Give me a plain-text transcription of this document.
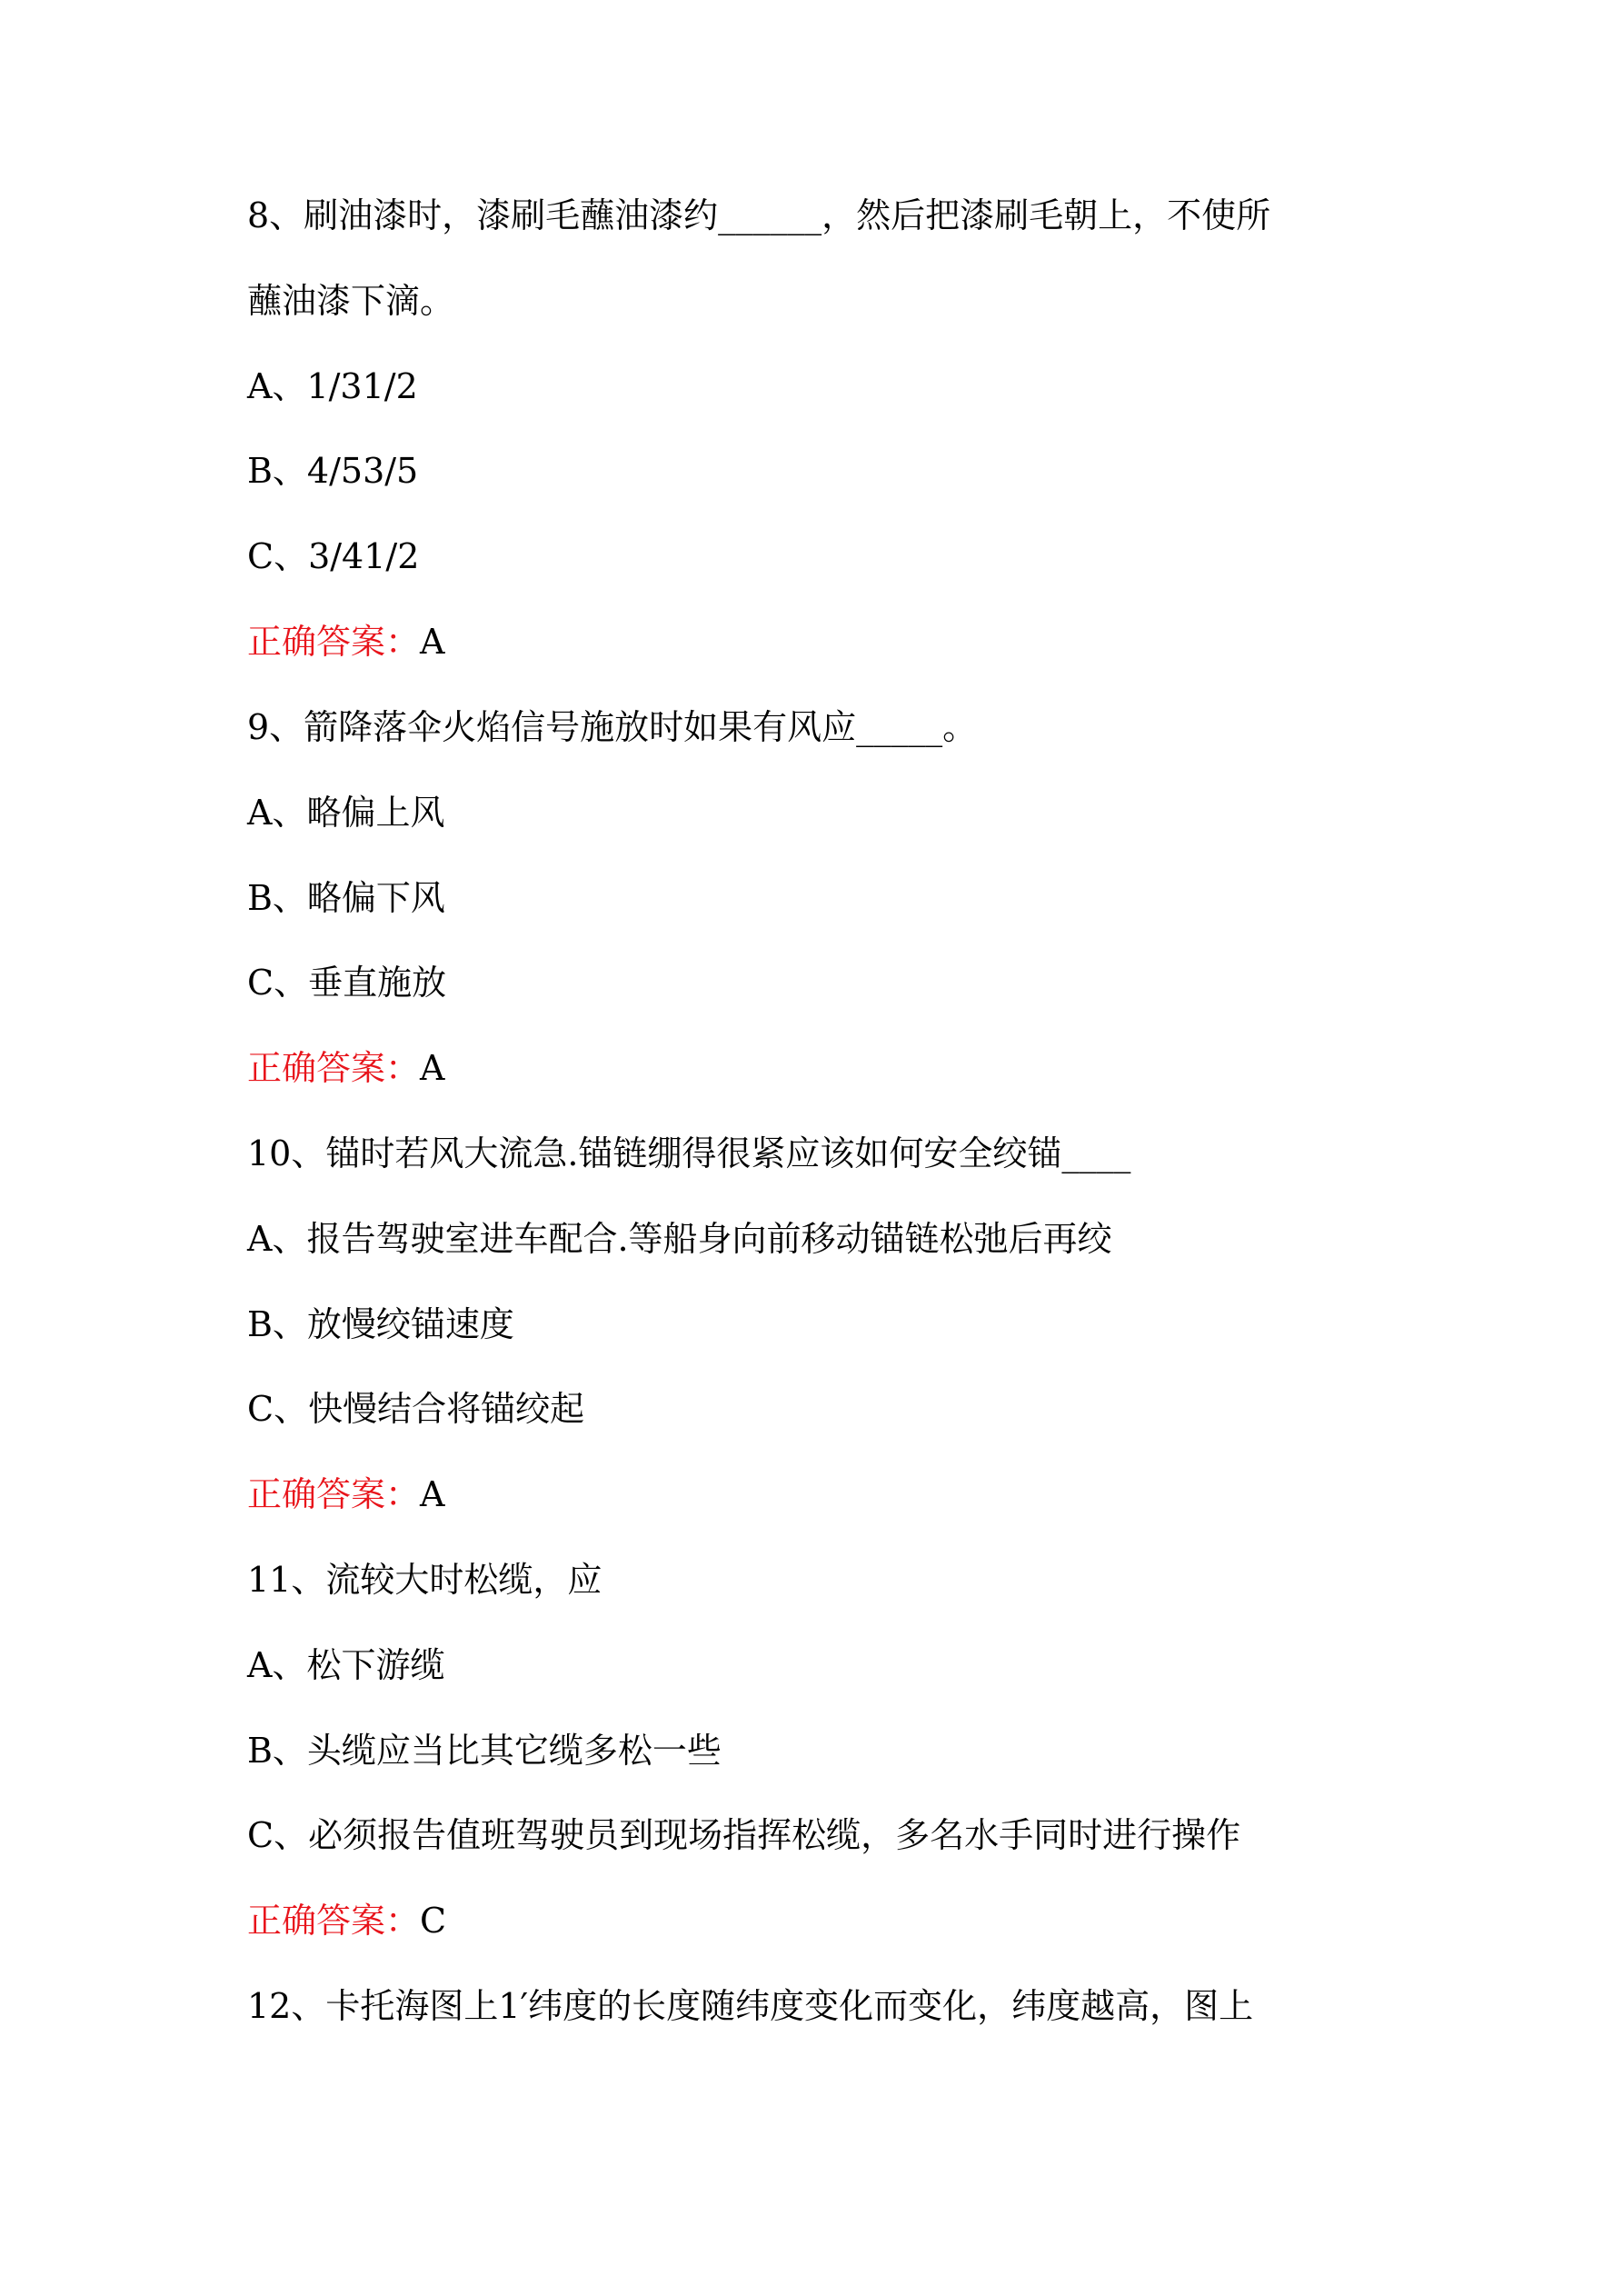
8、刷油漆时，漆刷毛蘸油漆约______，然后把漆刷毛朝上，不使所
蘸油漆下滴。
A、1/31/2
B、4/53/5
C、3/41/2
正确答案：A
9、箭降落伞火焰信号施放时如果有风应_____。
A、略偏上风
B、略偏下风
C、垂直施放
正确答案：A
10、锚时若风大流急.锚链绷得很紧应该如何安全绞锚____
A、报告驾驶室进车配合.等船身向前移动锚链松弛后再绞
B、放慢绞锚速度
C、快慢结合将锚绞起
正确答案：A
11、流较大时松缆，应
A、松下游缆
B、头缆应当比其它缆多松一些
C、必须报告值班驾驶员到现场指挥松缆，多名水手同时进行操作
正确答案：C
12、卡托海图上1′纬度的长度随纬度变化而变化，纬度越高，图上
